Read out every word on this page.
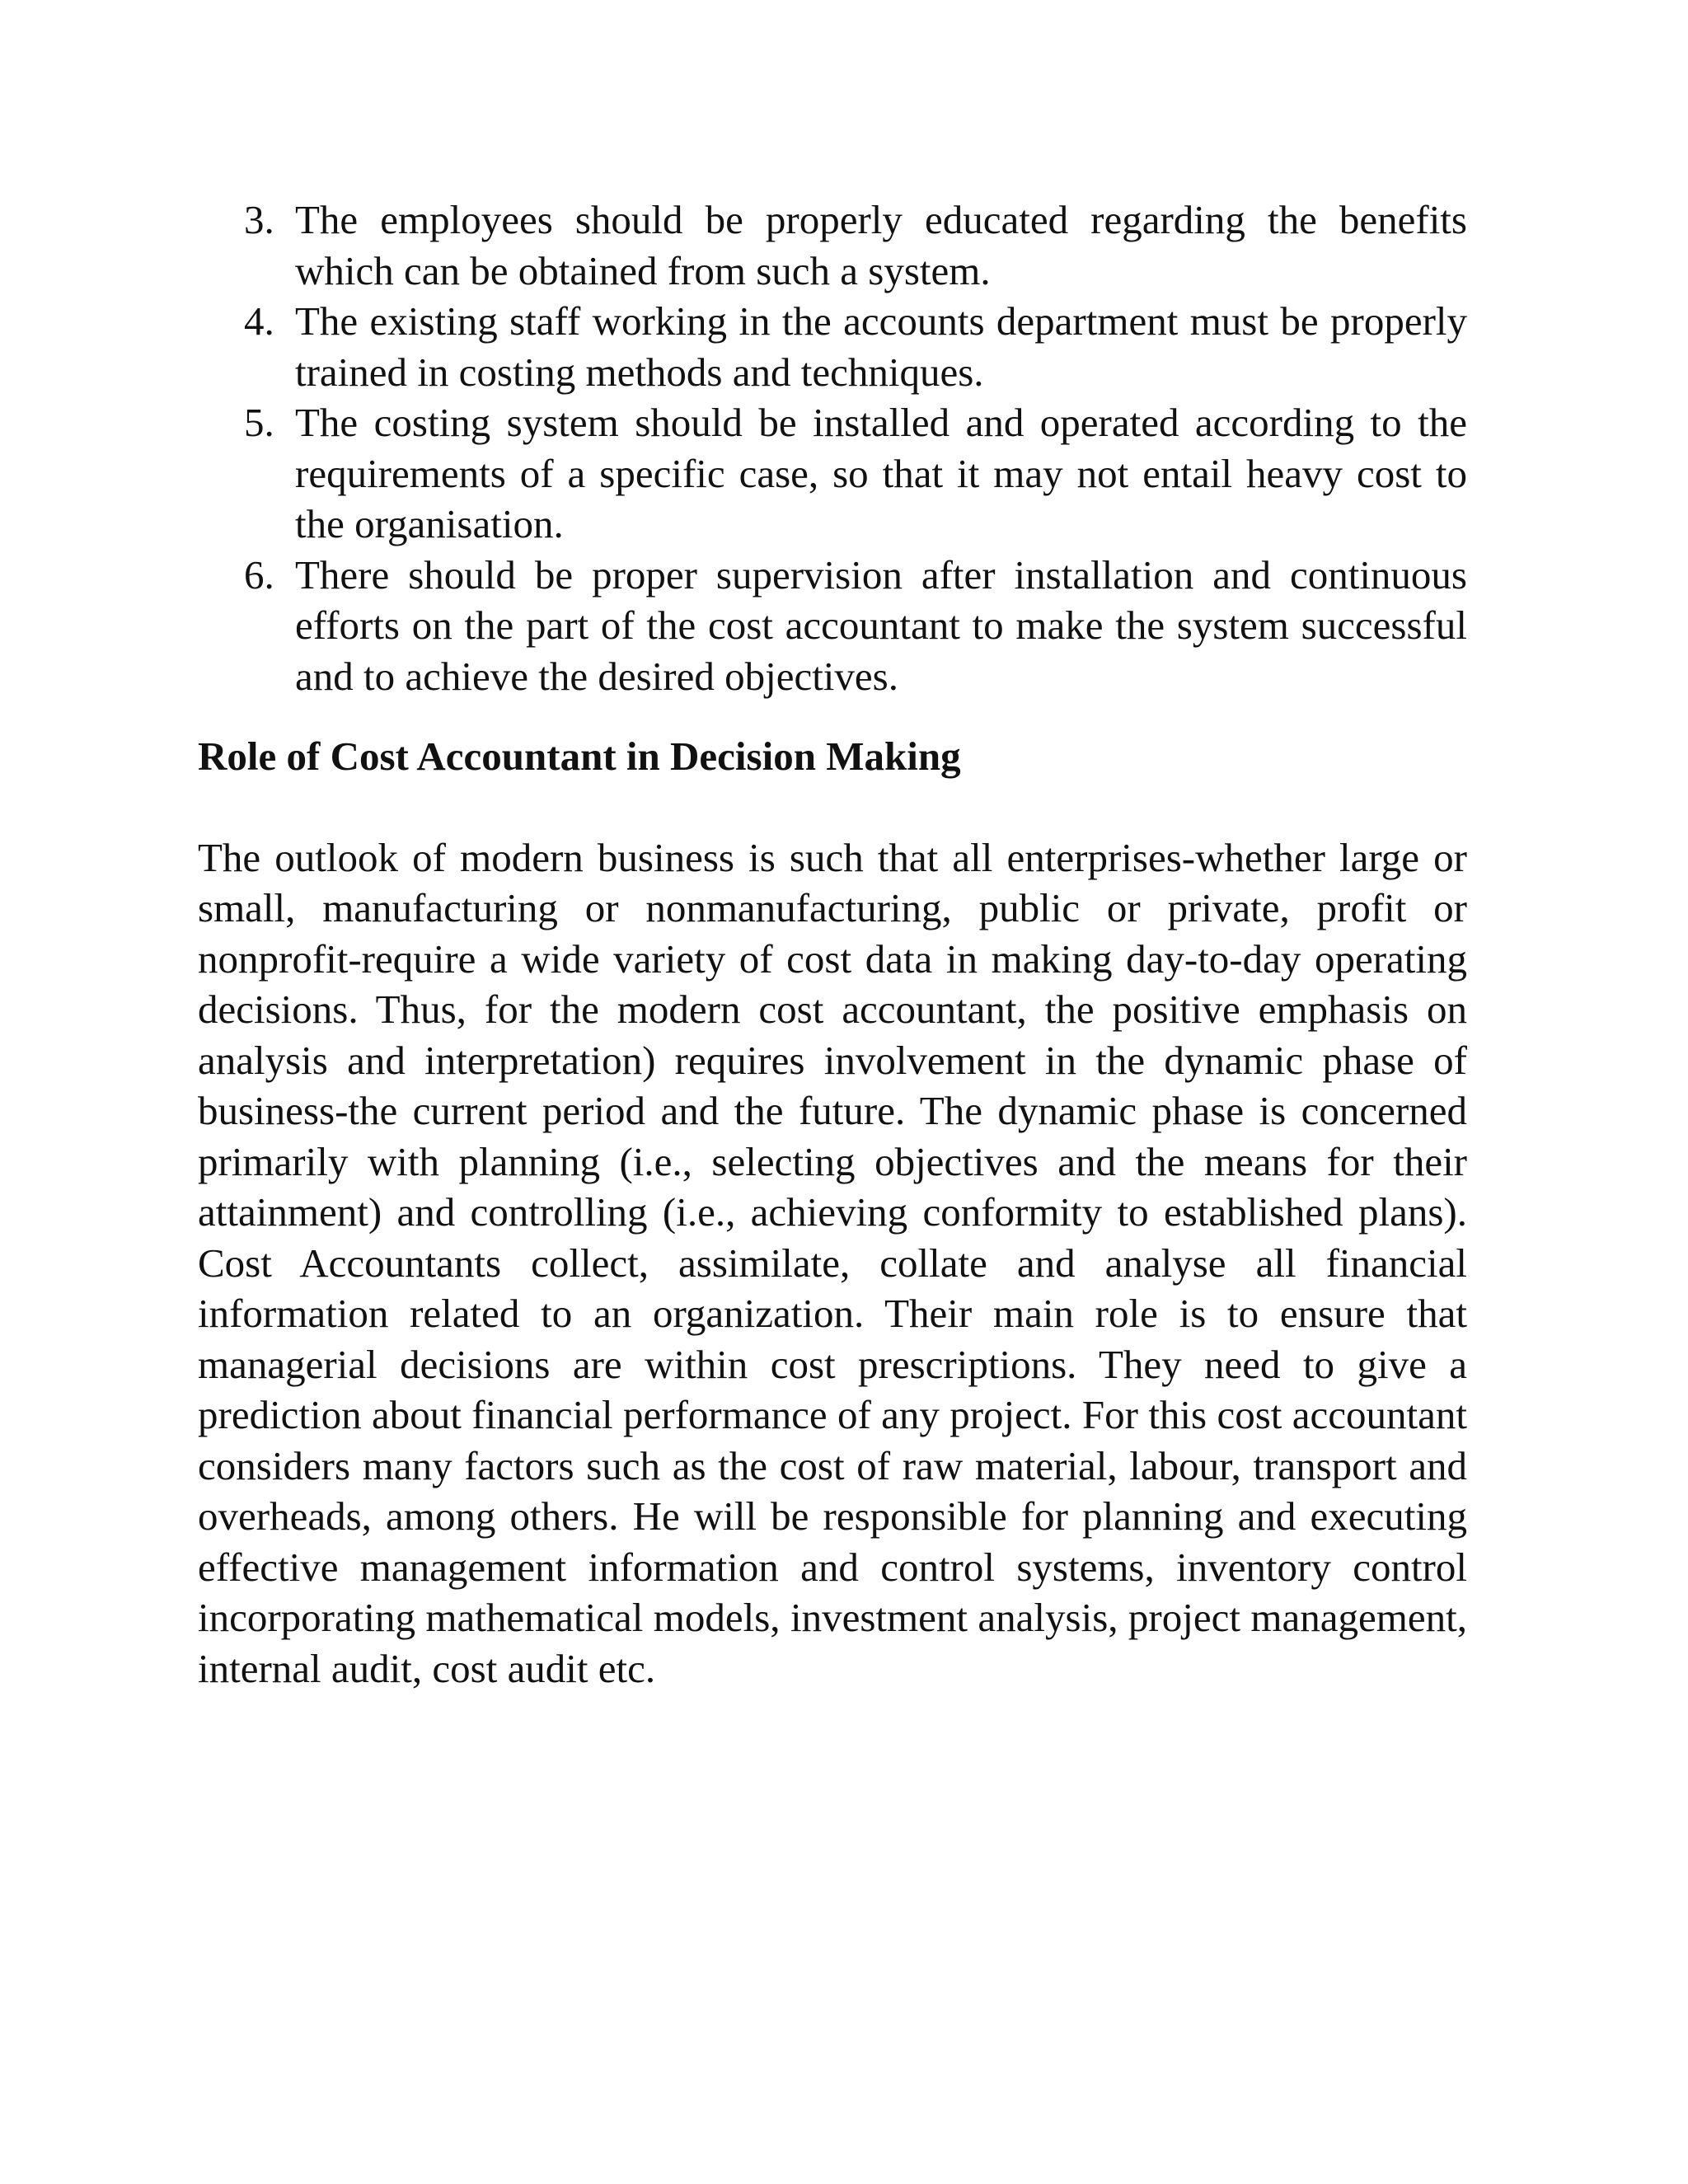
3. The employees should be properly educated regarding the benefits which can be obtained from such a system.
4. The existing staff working in the accounts department must be properly trained in costing methods and techniques.
5. The costing system should be installed and operated according to the requirements of a specific case, so that it may not entail heavy cost to the organisation.
6. There should be proper supervision after installation and continuous efforts on the part of the cost accountant to make the system successful and to achieve the desired objectives.
Role of Cost Accountant in Decision Making

The outlook of modern business is such that all enterprises-whether large or small, manufacturing or nonmanufacturing, public or private, profit or nonprofit-require a wide variety of cost data in making day-to-day operating decisions. Thus, for the modern cost accountant, the positive emphasis on analysis and interpretation) requires involvement in the dynamic phase of business-the current period and the future. The dynamic phase is concerned primarily with planning (i.e., selecting objectives and the means for their attainment) and controlling (i.e., achieving conformity to established plans). Cost Accountants collect, assimilate, collate and analyse all financial information related to an organization. Their main role is to ensure that managerial decisions are within cost prescriptions. They need to give a prediction about financial performance of any project. For this cost accountant considers many factors such as the cost of raw material, labour, transport and overheads, among others. He will be responsible for planning and executing effective management information and control systems, inventory control incorporating mathematical models, investment analysis, project management, internal audit, cost audit etc.
